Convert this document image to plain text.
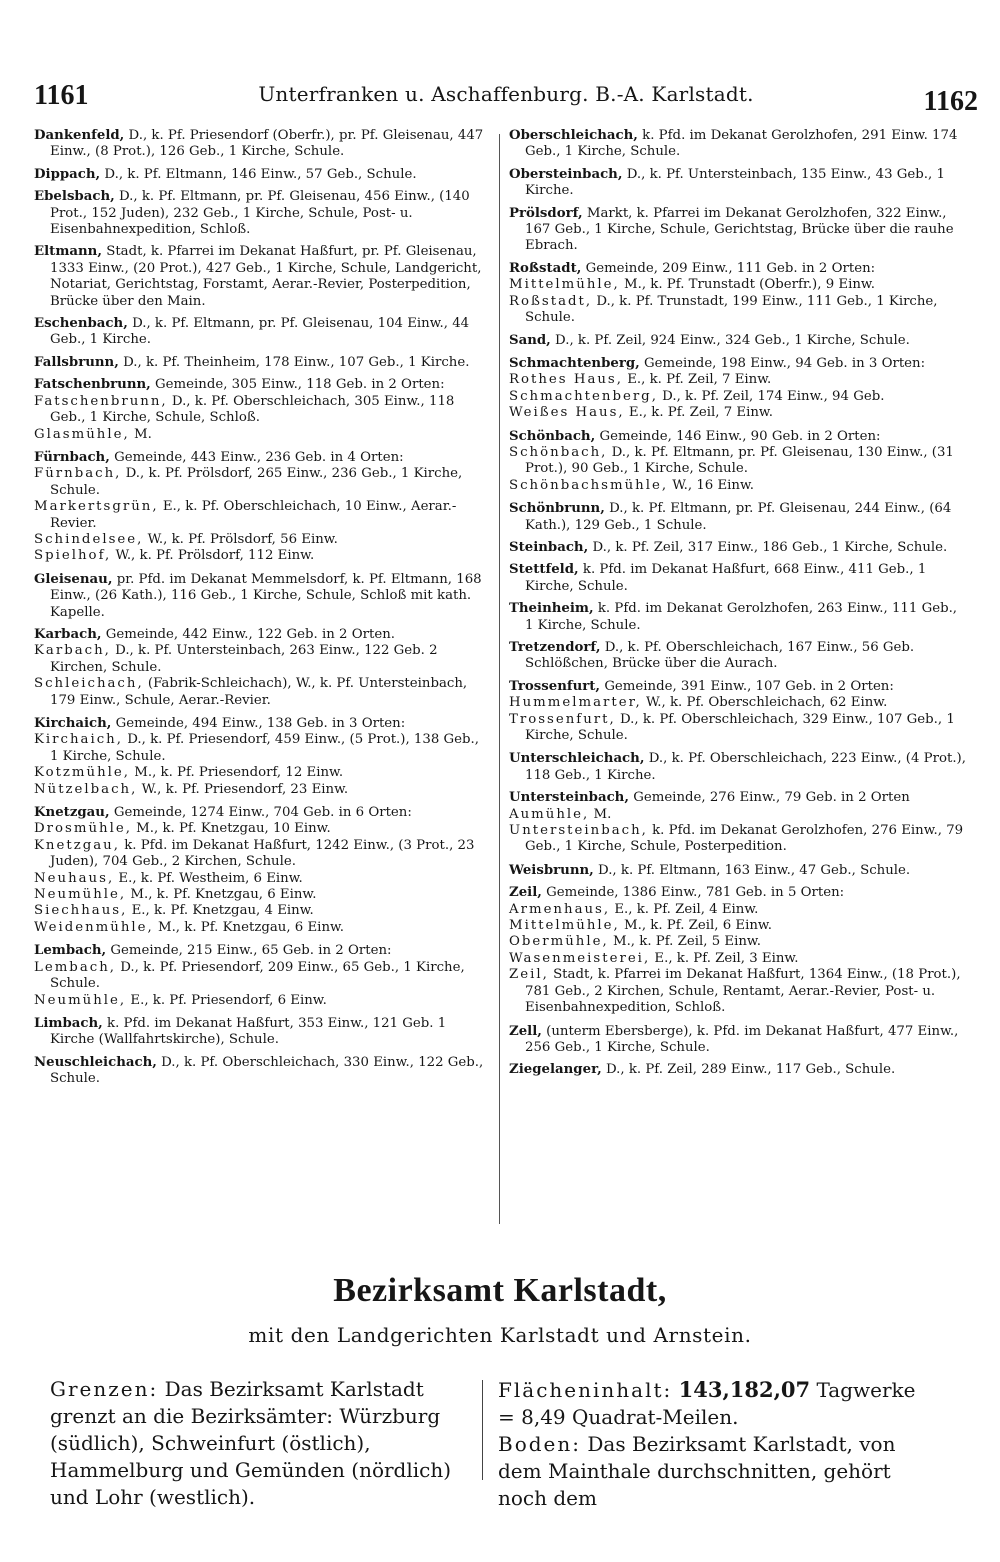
1161	Unterfranken u. Aschaffenburg. B.-A. Karlstadt.	1162
Dankenfeld, D., k. Pf. Priesendorf (Oberfr.), pr. Pf. Gleisenau, 447 Einw., (8 Prot.), 126 Geb., 1 Kirche, Schule.
Dippach, D., k. Pf. Eltmann, 146 Einw., 57 Geb., Schule.
Ebelsbach, D., k. Pf. Eltmann, pr. Pf. Gleisenau, 456 Einw., (140 Prot., 152 Juden), 232 Geb., 1 Kirche, Schule, Post- u. Eisenbahnexpedition, Schloß.
Eltmann, Stadt, k. Pfarrei im Dekanat Haßfurt, pr. Pf. Gleisenau, 1333 Einw., (20 Prot.), 427 Geb., 1 Kirche, Schule, Landgericht, Notariat, Gerichtstag, Forstamt, Aerar.-Revier, Posterpedition, Brücke über den Main.
Eschenbach, D., k. Pf. Eltmann, pr. Pf. Gleisenau, 104 Einw., 44 Geb., 1 Kirche.
Fallsbrunn, D., k. Pf. Theinheim, 178 Einw., 107 Geb., 1 Kirche.
Fatschenbrunn, Gemeinde, 305 Einw., 118 Geb. in 2 Orten:
Fatschenbrunn, D., k. Pf. Oberschleichach, 305 Einw., 118 Geb., 1 Kirche, Schule, Schloß.
Glasmühle, M.
Fürnbach, Gemeinde, 443 Einw., 236 Geb. in 4 Orten:
Fürnbach, D., k. Pf. Prölsdorf, 265 Einw., 236 Geb., 1 Kirche, Schule.
Markertsgrün, E., k. Pf. Oberschleichach, 10 Einw., Aerar.-Revier.
Schindelsee, W., k. Pf. Prölsdorf, 56 Einw.
Spielhof, W., k. Pf. Prölsdorf, 112 Einw.
Gleisenau, pr. Pfd. im Dekanat Memmelsdorf, k. Pf. Eltmann, 168 Einw., (26 Kath.), 116 Geb., 1 Kirche, Schule, Schloß mit kath. Kapelle.
Karbach, Gemeinde, 442 Einw., 122 Geb. in 2 Orten.
Karbach, D., k. Pf. Untersteinbach, 263 Einw., 122 Geb. 2 Kirchen, Schule.
Schleichach, (Fabrik-Schleichach), W., k. Pf. Untersteinbach, 179 Einw., Schule, Aerar.-Revier.
Kirchaich, Gemeinde, 494 Einw., 138 Geb. in 3 Orten:
Kirchaich, D., k. Pf. Priesendorf, 459 Einw., (5 Prot.), 138 Geb., 1 Kirche, Schule.
Kotzmühle, M., k. Pf. Priesendorf, 12 Einw.
Nützelbach, W., k. Pf. Priesendorf, 23 Einw.
Knetzgau, Gemeinde, 1274 Einw., 704 Geb. in 6 Orten:
Drosmühle, M., k. Pf. Knetzgau, 10 Einw.
Knetzgau, k. Pfd. im Dekanat Haßfurt, 1242 Einw., (3 Prot., 23 Juden), 704 Geb., 2 Kirchen, Schule.
Neuhaus, E., k. Pf. Westheim, 6 Einw.
Neumühle, M., k. Pf. Knetzgau, 6 Einw.
Siechhaus, E., k. Pf. Knetzgau, 4 Einw.
Weidenmühle, M., k. Pf. Knetzgau, 6 Einw.
Lembach, Gemeinde, 215 Einw., 65 Geb. in 2 Orten:
Lembach, D., k. Pf. Priesendorf, 209 Einw., 65 Geb., 1 Kirche, Schule.
Neumühle, E., k. Pf. Priesendorf, 6 Einw.
Limbach, k. Pfd. im Dekanat Haßfurt, 353 Einw., 121 Geb. 1 Kirche (Wallfahrtskirche), Schule.
Neuschleichach, D., k. Pf. Oberschleichach, 330 Einw., 122 Geb., Schule.
Oberschleichach, k. Pfd. im Dekanat Gerolzhofen, 291 Einw. 174 Geb., 1 Kirche, Schule.
Obersteinbach, D., k. Pf. Untersteinbach, 135 Einw., 43 Geb., 1 Kirche.
Prölsdorf, Markt, k. Pfarrei im Dekanat Gerolzhofen, 322 Einw., 167 Geb., 1 Kirche, Schule, Gerichtstag, Brücke über die rauhe Ebrach.
Roßstadt, Gemeinde, 209 Einw., 111 Geb. in 2 Orten:
Mittelmühle, M., k. Pf. Trunstadt (Oberfr.), 9 Einw.
Roßstadt, D., k. Pf. Trunstadt, 199 Einw., 111 Geb., 1 Kirche, Schule.
Sand, D., k. Pf. Zeil, 924 Einw., 324 Geb., 1 Kirche, Schule.
Schmachtenberg, Gemeinde, 198 Einw., 94 Geb. in 3 Orten:
Rothes Haus, E., k. Pf. Zeil, 7 Einw.
Schmachtenberg, D., k. Pf. Zeil, 174 Einw., 94 Geb.
Weißes Haus, E., k. Pf. Zeil, 7 Einw.
Schönbach, Gemeinde, 146 Einw., 90 Geb. in 2 Orten:
Schönbach, D., k. Pf. Eltmann, pr. Pf. Gleisenau, 130 Einw., (31 Prot.), 90 Geb., 1 Kirche, Schule.
Schönbachsmühle, W., 16 Einw.
Schönbrunn, D., k. Pf. Eltmann, pr. Pf. Gleisenau, 244 Einw., (64 Kath.), 129 Geb., 1 Schule.
Steinbach, D., k. Pf. Zeil, 317 Einw., 186 Geb., 1 Kirche, Schule.
Stettfeld, k. Pfd. im Dekanat Haßfurt, 668 Einw., 411 Geb., 1 Kirche, Schule.
Theinheim, k. Pfd. im Dekanat Gerolzhofen, 263 Einw., 111 Geb., 1 Kirche, Schule.
Tretzendorf, D., k. Pf. Oberschleichach, 167 Einw., 56 Geb. Schlößchen, Brücke über die Aurach.
Trossenfurt, Gemeinde, 391 Einw., 107 Geb. in 2 Orten:
Hummelmarter, W., k. Pf. Oberschleichach, 62 Einw.
Trossenfurt, D., k. Pf. Oberschleichach, 329 Einw., 107 Geb., 1 Kirche, Schule.
Unterschleichach, D., k. Pf. Oberschleichach, 223 Einw., (4 Prot.), 118 Geb., 1 Kirche.
Untersteinbach, Gemeinde, 276 Einw., 79 Geb. in 2 Orten
Aumühle, M.
Untersteinbach, k. Pfd. im Dekanat Gerolzhofen, 276 Einw., 79 Geb., 1 Kirche, Schule, Posterpedition.
Weisbrunn, D., k. Pf. Eltmann, 163 Einw., 47 Geb., Schule.
Zeil, Gemeinde, 1386 Einw., 781 Geb. in 5 Orten:
Armenhaus, E., k. Pf. Zeil, 4 Einw.
Mittelmühle, M., k. Pf. Zeil, 6 Einw.
Obermühle, M., k. Pf. Zeil, 5 Einw.
Wasenmeisterei, E., k. Pf. Zeil, 3 Einw.
Zeil, Stadt, k. Pfarrei im Dekanat Haßfurt, 1364 Einw., (18 Prot.), 781 Geb., 2 Kirchen, Schule, Rentamt, Aerar.-Revier, Post- u. Eisenbahnexpedition, Schloß.
Zell, (unterm Ebersberge), k. Pfd. im Dekanat Haßfurt, 477 Einw., 256 Geb., 1 Kirche, Schule.
Ziegelanger, D., k. Pf. Zeil, 289 Einw., 117 Geb., Schule.
Bezirksamt Karlstadt,
mit den Landgerichten Karlstadt und Arnstein.
Grenzen: Das Bezirksamt Karlstadt grenzt an die Bezirksämter: Würzburg (südlich), Schweinfurt (östlich), Hammelburg und Gemünden (nördlich) und Lohr (westlich).
Flächeninhalt: 143,182,07 Tagwerke = 8,49 Quadrat-Meilen.
Boden: Das Bezirksamt Karlstadt, von dem Mainthale durchschnitten, gehört noch dem
